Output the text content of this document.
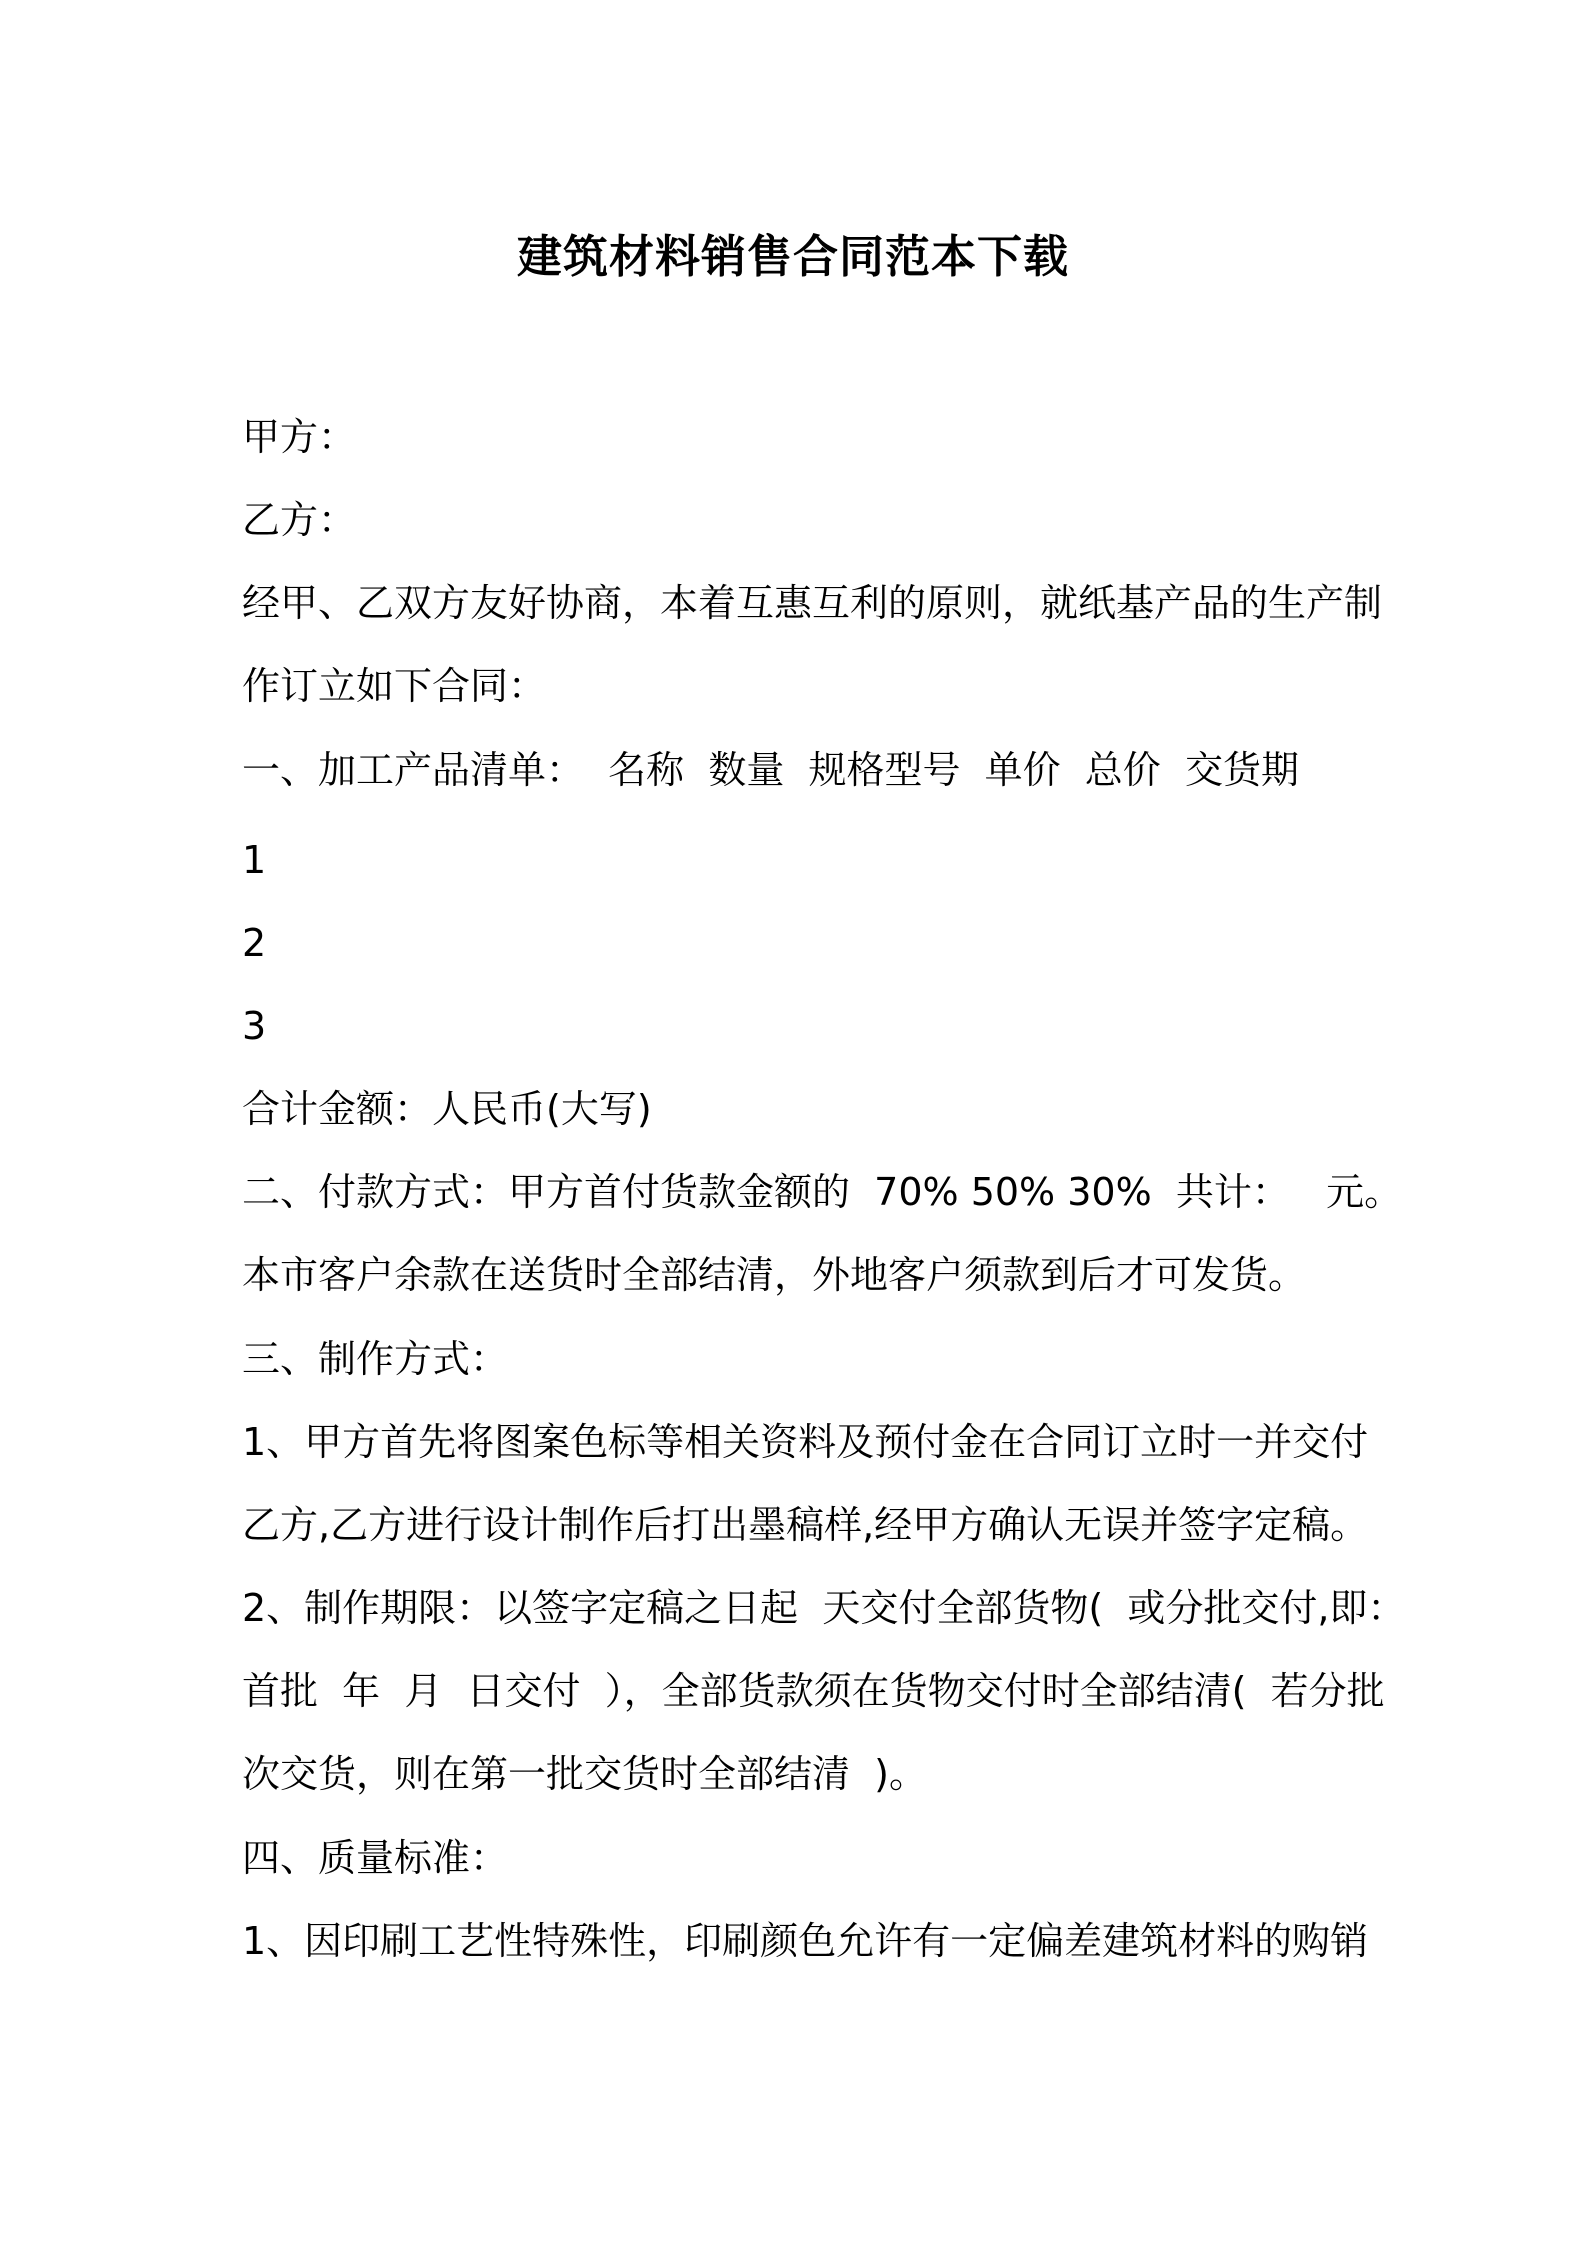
建筑材料销售合同范本下载

甲方：

乙方：

经甲、乙双方友好协商，本着互惠互利的原则，就纸基产品的生产制

作订立如下合同：

一、加工产品清单：  名称  数量  规格型号  单价  总价  交货期

1

2

3

合计金额：人民币(大写)

二、付款方式：甲方首付货款金额的  70% 50% 30%  共计：   元。

本市客户余款在送货时全部结清，外地客户须款到后才可发货。

三、制作方式：

1、甲方首先将图案色标等相关资料及预付金在合同订立时一并交付

乙方,乙方进行设计制作后打出墨稿样,经甲方确认无误并签字定稿。

2、制作期限：以签字定稿之日起  天交付全部货物(  或分批交付,即：

首批  年  月  日交付  ），全部货款须在货物交付时全部结清(  若分批

次交货，则在第一批交货时全部结清  )。

四、质量标准：

1、因印刷工艺性特殊性，印刷颜色允许有一定偏差建筑材料的购销
